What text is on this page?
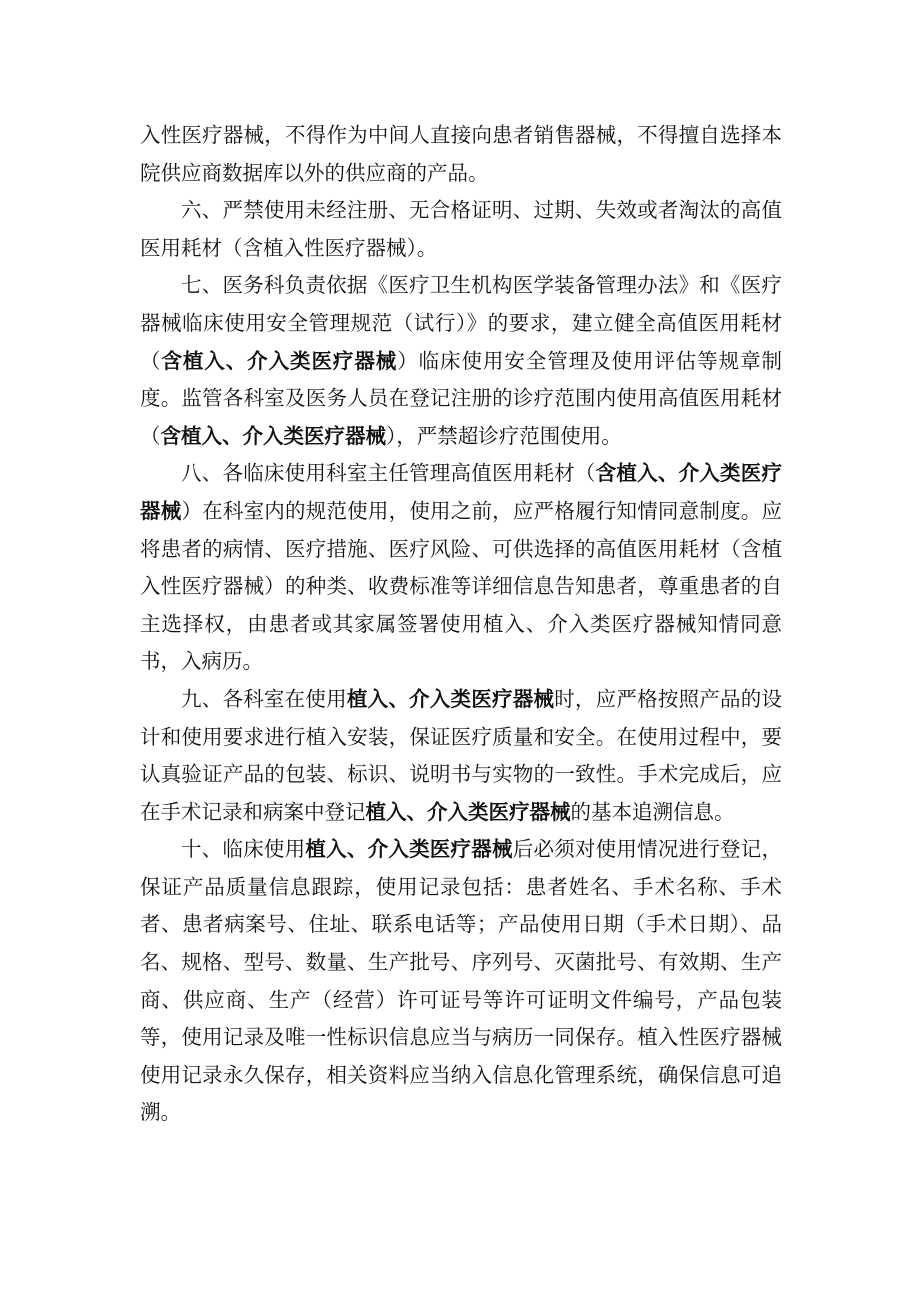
入性医疗器械，不得作为中间人直接向患者销售器械，不得擅自选择本院供应商数据库以外的供应商的产品。

六、严禁使用未经注册、无合格证明、过期、失效或者淘汰的高值医用耗材（含植入性医疗器械）。

七、医务科负责依据《医疗卫生机构医学装备管理办法》和《医疗器械临床使用安全管理规范（试行）》的要求，建立健全高值医用耗材（含植入、介入类医疗器械）临床使用安全管理及使用评估等规章制度。监管各科室及医务人员在登记注册的诊疗范围内使用高值医用耗材（含植入、介入类医疗器械），严禁超诊疗范围使用。

八、各临床使用科室主任管理高值医用耗材（含植入、介入类医疗器械）在科室内的规范使用，使用之前，应严格履行知情同意制度。应将患者的病情、医疗措施、医疗风险、可供选择的高值医用耗材（含植入性医疗器械）的种类、收费标准等详细信息告知患者，尊重患者的自主选择权，由患者或其家属签署使用植入、介入类医疗器械知情同意书，入病历。

九、各科室在使用植入、介入类医疗器械时，应严格按照产品的设计和使用要求进行植入安装，保证医疗质量和安全。在使用过程中，要认真验证产品的包装、标识、说明书与实物的一致性。手术完成后，应在手术记录和病案中登记植入、介入类医疗器械的基本追溯信息。

十、临床使用植入、介入类医疗器械后必须对使用情况进行登记，保证产品质量信息跟踪，使用记录包括：患者姓名、手术名称、手术者、患者病案号、住址、联系电话等；产品使用日期（手术日期）、品名、规格、型号、数量、生产批号、序列号、灭菌批号、有效期、生产商、供应商、生产（经营）许可证号等许可证明文件编号，产品包装等，使用记录及唯一性标识信息应当与病历一同保存。植入性医疗器械使用记录永久保存，相关资料应当纳入信息化管理系统，确保信息可追溯。
